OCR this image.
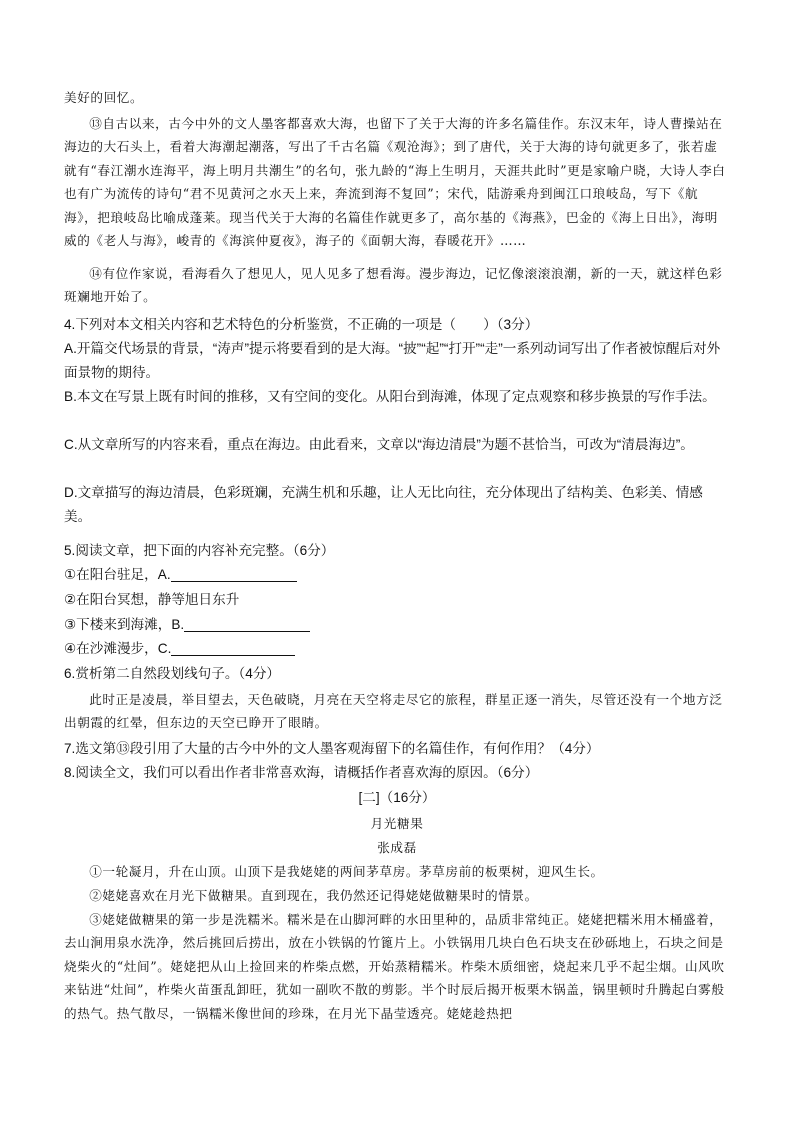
美好的回忆。

⑬自古以来，古今中外的文人墨客都喜欢大海，也留下了关于大海的许多名篇佳作。东汉末年，诗人曹操站在海边的大石头上，看着大海潮起潮落，写出了千古名篇《观沧海》；到了唐代，关于大海的诗句就更多了，张若虚就有“春江潮水连海平，海上明月共潮生”的名句，张九龄的“海上生明月，天涯共此时”更是家喻户晓，大诗人李白也有广为流传的诗句“君不见黄河之水天上来，奔流到海不复回”；宋代，陆游乘舟到闽江口琅岐岛，写下《航海》，把琅岐岛比喻成蓬莱。现当代关于大海的名篇佳作就更多了，高尔基的《海燕》，巴金的《海上日出》，海明威的《老人与海》，峻青的《海滨仲夏夜》，海子的《面朝大海，春暖花开》……

⑭有位作家说，看海看久了想见人，见人见多了想看海。漫步海边，记忆像滚滚浪潮，新的一天，就这样色彩斑斓地开始了。

4.下列对本文相关内容和艺术特色的分析鉴赏，不正确的一项是（　　）（3分）

A.开篇交代场景的背景，“涛声”提示将要看到的是大海。“披”“起”“打开”“走”一系列动词写出了作者被惊醒后对外面景物的期待。

B.本文在写景上既有时间的推移，又有空间的变化。从阳台到海滩，体现了定点观察和移步换景的写作手法。

C.从文章所写的内容来看，重点在海边。由此看来，文章以“海边清晨”为题不甚恰当，可改为“清晨海边”。

D.文章描写的海边清晨，色彩斑斓，充满生机和乐趣，让人无比向往，充分体现出了结构美、色彩美、情感美。

5.阅读文章，把下面的内容补充完整。（6分）

①在阳台驻足，A.

②在阳台冥想，静等旭日东升

③下楼来到海滩，B.

④在沙滩漫步，C.

6.赏析第二自然段划线句子。（4分）

此时正是凌晨，举目望去，天色破晓，月亮在天空将走尽它的旅程，群星正逐一消失，尽管还没有一个地方泛出朝霞的红晕，但东边的天空已睁开了眼睛。

7.选文第⑬段引用了大量的古今中外的文人墨客观海留下的名篇佳作，有何作用？（4分）

8.阅读全文，我们可以看出作者非常喜欢海，请概括作者喜欢海的原因。（6分）

[二]（16分）

月光糖果

张成磊

①一轮凝月，升在山顶。山顶下是我姥姥的两间茅草房。茅草房前的板栗树，迎风生长。

②姥姥喜欢在月光下做糖果。直到现在，我仍然还记得姥姥做糖果时的情景。

③姥姥做糖果的第一步是洗糯米。糯米是在山脚河畔的水田里种的，品质非常纯正。姥姥把糯米用木桶盛着，去山涧用泉水洗净，然后挑回后捞出，放在小铁锅的竹篦片上。小铁锅用几块白色石块支在砂砾地上，石块之间是烧柴火的“灶间”。姥姥把从山上捡回来的柞柴点燃，开始蒸精糯米。柞柴木质细密，烧起来几乎不起尘烟。山风吹来钻进“灶间”，柞柴火苗蛋乱卸旺，犹如一副吹不散的剪影。半个时辰后揭开板栗木锅盖，锅里顿时升腾起白雾般的热气。热气散尽，一锅糯米像世间的珍珠，在月光下晶莹透亮。姥姥趁热把
